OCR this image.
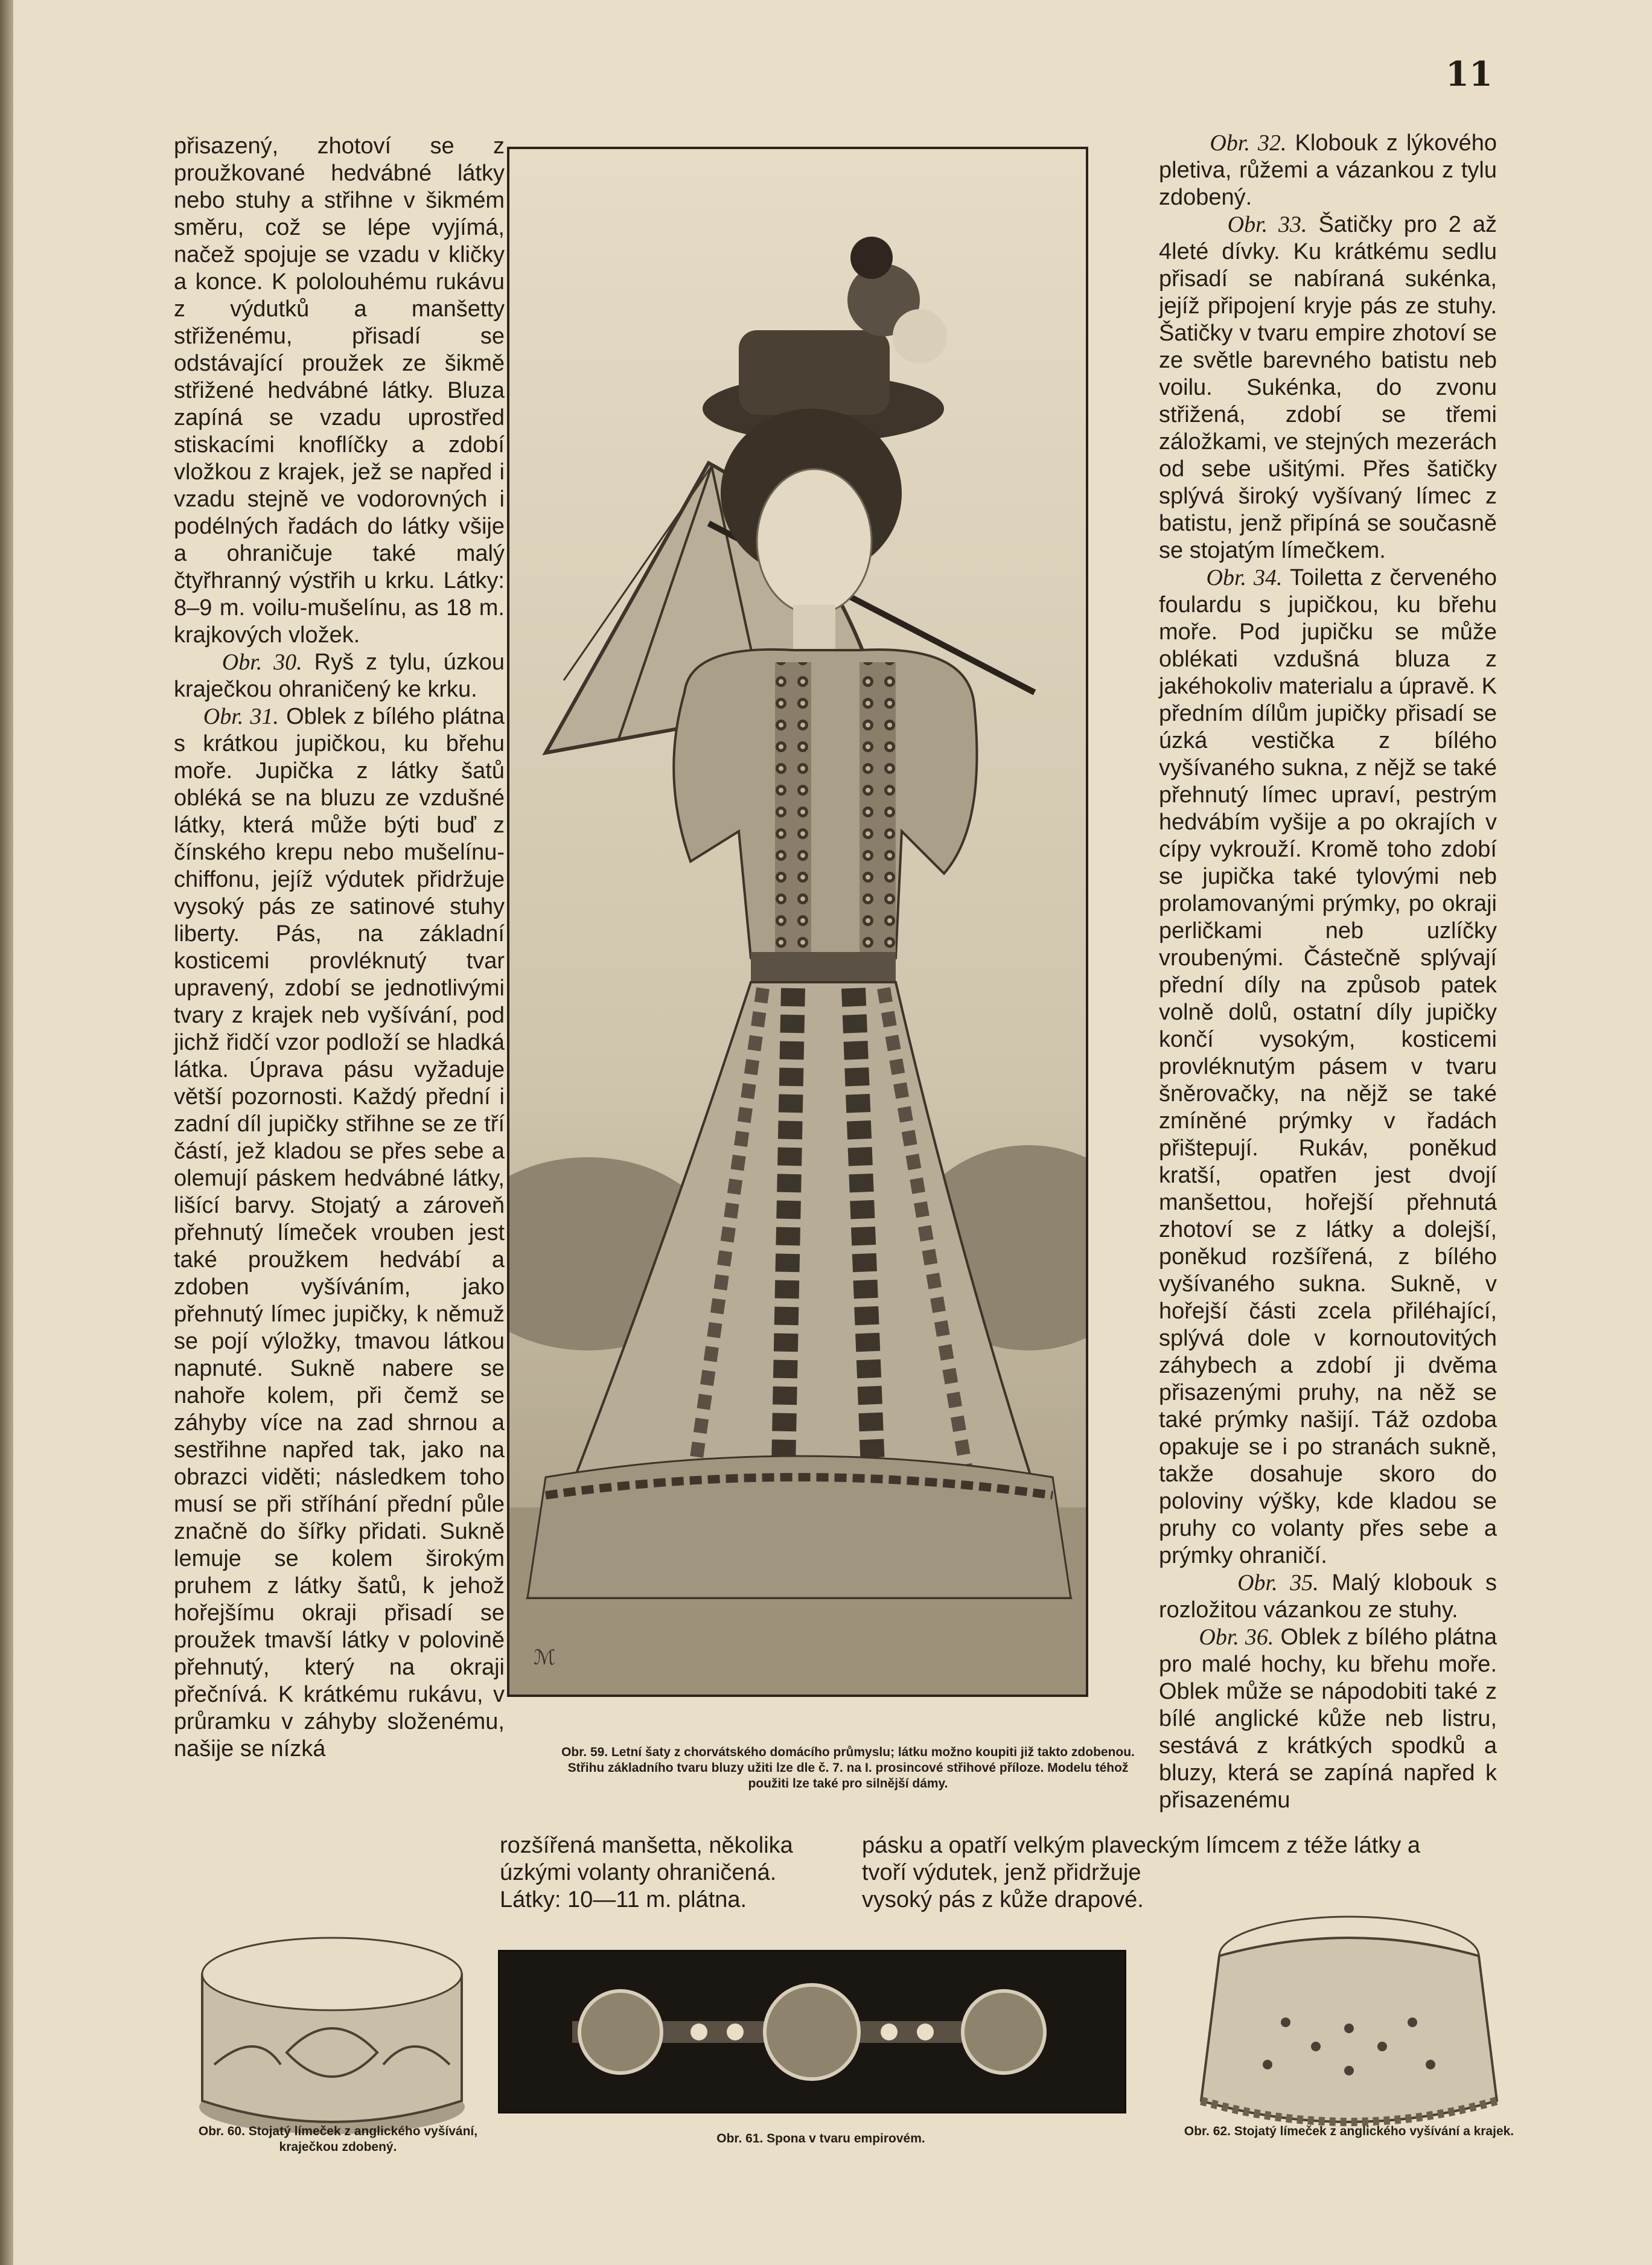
11

přisazený, zhotoví se z proužkované hedvábné látky nebo stuhy a střihne v šikmém směru, což se lépe vyjímá, načež spojuje se vzadu v kličky a konce. K pololouhému rukávu z výdutků a manšetty střiženému, přisadí se odstávající proužek ze šikmě střižené hedvábné látky. Bluza zapíná se vzadu uprostřed stiskacími knoflíčky a zdobí vložkou z krajek, jež se napřed i vzadu stejně ve vodorovných i podélných řadách do látky všije a ohraničuje také malý čtyřhranný výstřih u krku. Látky: 8–9 m. voilu-mušelínu, as 18 m. krajkových vložek.

Obr. 30. Ryš z tylu, úzkou kraječkou ohraničený ke krku.

Obr. 31. Oblek z bílého plátna s krátkou jupičkou, ku břehu moře. Jupička z látky šatů obléká se na bluzu ze vzdušné látky, která může býti buď z čínského krepu nebo mušelínu-chiffonu, jejíž výdutek přidržuje vysoký pás ze satinové stuhy liberty. Pás, na základní kosticemi provléknutý tvar upravený, zdobí se jednotlivými tvary z krajek neb vyšívání, pod jichž řidčí vzor podloží se hladká látka. Úprava pásu vyžaduje větší pozornosti. Každý přední i zadní díl jupičky střihne se ze tří částí, jež kladou se přes sebe a olemují páskem hedvábné látky, lišící barvy. Stojatý a zároveň přehnutý límeček vrouben jest také proužkem hedvábí a zdoben vyšíváním, jako přehnutý límec jupičky, k němuž se pojí výložky, tmavou látkou napnuté. Sukně nabere se nahoře kolem, při čemž se záhyby více na zad shrnou a sestřihne napřed tak, jako na obrazci viděti; následkem toho musí se při stříhání přední půle značně do šířky přidati. Sukně lemuje se kolem širokým pruhem z látky šatů, k jehož hořejšímu okraji přisadí se proužek tmavší látky v polovině přehnutý, který na okraji přečnívá. K krátkému rukávu, v průramku v záhyby složenému, našije se nízká

ℳ
Obr. 59. Letní šaty z chorvátského domácího průmyslu; látku možno koupiti již takto zdobenou. Střihu základního tvaru bluzy užiti lze dle č. 7. na I. prosincové střihové příloze. Modelu téhož použiti lze také pro silnější dámy.

Obr. 32. Klobouk z lýkového pletiva, růžemi a vázankou z tylu zdobený.

Obr. 33. Šatičky pro 2 až 4leté dívky. Ku krátkému sedlu přisadí se nabíraná sukénka, jejíž připojení kryje pás ze stuhy. Šatičky v tvaru empire zhotoví se ze světle barevného batistu neb voilu. Sukénka, do zvonu střižená, zdobí se třemi záložkami, ve stejných mezerách od sebe ušitými. Přes šatičky splývá široký vyšívaný límec z batistu, jenž připíná se současně se stojatým límečkem.

Obr. 34. Toiletta z červeného foulardu s jupičkou, ku břehu moře. Pod jupičku se může oblékati vzdušná bluza z jakéhokoliv materialu a úpravě. K předním dílům jupičky přisadí se úzká vestička z bílého vyšívaného sukna, z nějž se také přehnutý límec upraví, pestrým hedvábím vyšije a po okrajích v cípy vykrouží. Kromě toho zdobí se jupička také tylovými neb prolamovanými prýmky, po okraji perličkami neb uzlíčky vroubenými. Částečně splývají přední díly na způsob patek volně dolů, ostatní díly jupičky končí vysokým, kosticemi provléknutým pásem v tvaru šněrovačky, na nějž se také zmíněné prýmky v řadách přištepují. Rukáv, poněkud kratší, opatřen jest dvojí manšettou, hořejší přehnutá zhotoví se z látky a dolejší, poněkud rozšířená, z bílého vyšívaného sukna. Sukně, v hořejší části zcela přiléhající, splývá dole v kornoutovitých záhybech a zdobí ji dvěma přisazenými pruhy, na něž se také prýmky našijí. Táž ozdoba opakuje se i po stranách sukně, takže dosahuje skoro do poloviny výšky, kde kladou se pruhy co volanty přes sebe a prýmky ohraničí.

Obr. 35. Malý klobouk s rozložitou vázankou ze stuhy.

Obr. 36. Oblek z bílého plátna pro malé hochy, ku břehu moře. Oblek může se nápodobiti také z bílé anglické kůže neb listru, sestává z krátkých spodků a bluzy, která se zapíná napřed k přisazenému

rozšířená manšetta, několika	pásku a opatří velkým plaveckým límcem z téže látky a
úzkými volanty ohraničená.	tvoří výdutek, jenž přidržuje
Látky: 10—11 m. plátna.	vysoký pás z kůže drapové.
Obr. 60. Stojatý límeček z anglického vyšívání, kraječkou zdobený.
Obr. 61. Spona v tvaru empirovém.
Obr. 62. Stojatý límeček z anglického vyšívání a krajek.
